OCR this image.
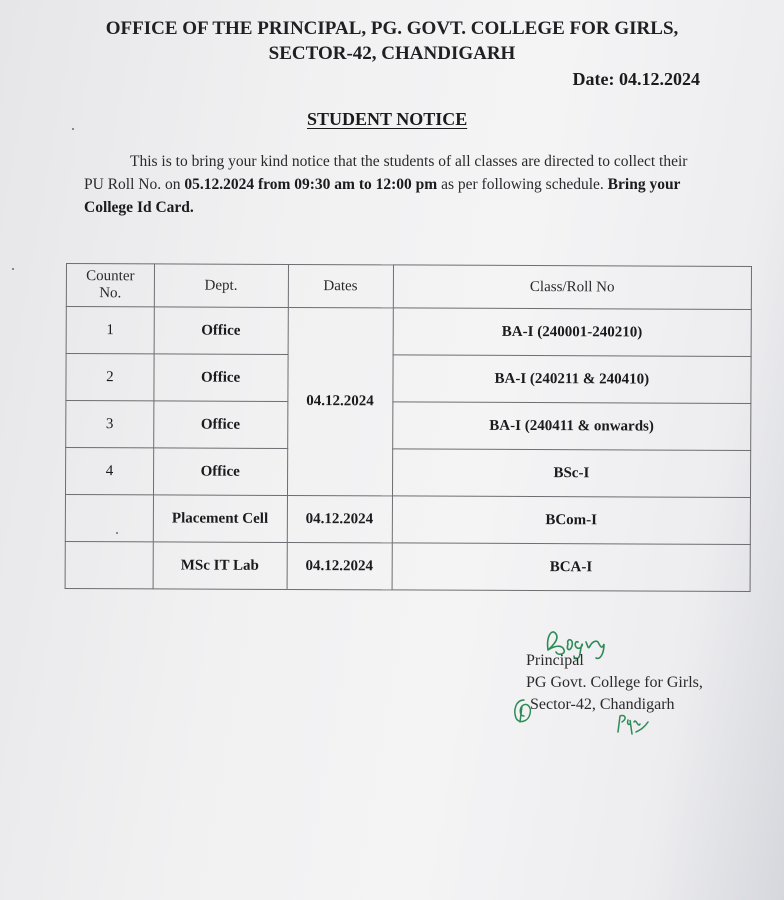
OFFICE OF THE PRINCIPAL, PG. GOVT. COLLEGE FOR GIRLS,
SECTOR-42, CHANDIGARH
Date: 04.12.2024
STUDENT NOTICE

This is to bring your kind notice that the students of all classes are directed to collect their

PU Roll No. on 05.12.2024 from 09:30 am to 12:00 pm as per following schedule. Bring your

College Id Card.

Counter
No.	Dept.	Dates	Class/Roll No
1	Office	04.12.2024	BA-I (240001-240210)
2	Office		BA-I (240211 & 240410)
3	Office		BA-I (240411 & onwards)
4	Office		BSc-I
	Placement Cell	04.12.2024	BCom-I
	MSc IT Lab	04.12.2024	BCA-I
Principal
PG Govt. College for Girls,
Sector-42, Chandigarh
